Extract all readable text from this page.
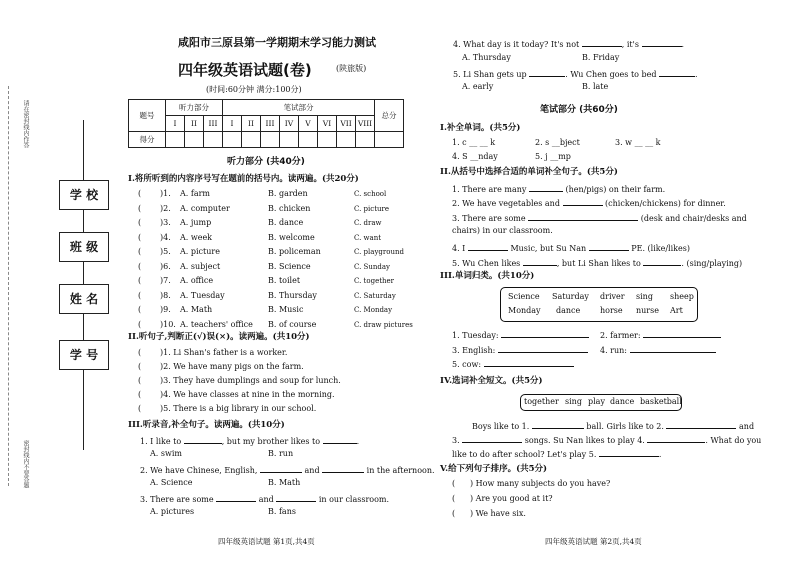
请在密封线内作答
密封线内不要答题
学 校
班 级
姓 名
学 号
咸阳市三原县第一学期期末学习能力测试
四年级英语试题(卷)	(陕旅版)
(时间:60分钟 满分:100分)
题号	听力部分			笔试部分								总分
	I	II	III	I	II	III	IV	V	VI	VII	VIII	
得分												
听力部分 (共40分)
I.将所听到的内容序号写在题前的括号内。读两遍。(共20分)
( )1. A. farm	B. garden	C. school
( )2. A. computer	B. chicken	C. picture
( )3. A. jump	B. dance	C. draw
( )4. A. week	B. welcome	C. want
( )5. A. picture	B. policeman	C. playground
( )6. A. subject	B. Science	C. Sunday
( )7. A. office	B. toilet	C. together
( )8. A. Tuesday	B. Thursday	C. Saturday
( )9. A. Math	B. Music	C. Monday
( )10. A. teachers' office B. of course	C. draw pictures
II.听句子,判断正(√)误(×)。读两遍。(共10分)
( )1. Li Shan's father is a worker.
( )2. We have many pigs on the farm.
( )3. They have dumplings and soup for lunch.
( )4. We have classes at nine in the morning.
( )5. There is a big library in our school.
III.听录音,补全句子。读两遍。(共10分)
1. I like to	, but my brother likes to	.
A. swim	B. run
2. We have Chinese, English,	and	in the afternoon.
A. Science	B. Math
3. There are some	and	in our classroom.
A. pictures	B. fans
四年级英语试题 第1页,共4页
4. What day is it today? It's not	, it's	.
A. Thursday	B. Friday
5. Li Shan gets up	. Wu Chen goes to bed	.
A. early	B. late
笔试部分 (共60分)
I.补全单词。(共5分)
1. c __ __ k	2. s __bject	3. w __ __ k
4. S __nday	5. j __mp
II.从括号中选择合适的单词补全句子。(共5分)
1. There are many	(hen/pigs) on their farm.
2. We have vegetables and	(chicken/chickens) for dinner.
3. There are some	(desk and chair/desks and
chairs) in our classroom.
4. I	Music, but Su Nan	PE. (like/likes)
5. Wu Chen likes	, but Li Shan likes to	. (sing/playing)
III.单词归类。(共10分)
Science Saturday driver sing sheep
Monday dance horse nurse Art
1. Tuesday:	2. farmer:
3. English:	4. run:
5. cow:
IV.选词补全短文。(共5分)
together sing play dance basketball
Boys like to 1.	ball. Girls like to 2.	and
3.	songs. Su Nan likes to play 4.	. What do you
like to do after school? Let's play 5.	.
V.给下列句子排序。(共5分)
( ) How many subjects do you have?
( ) Are you good at it?
( ) We have six.
四年级英语试题 第2页,共4页
